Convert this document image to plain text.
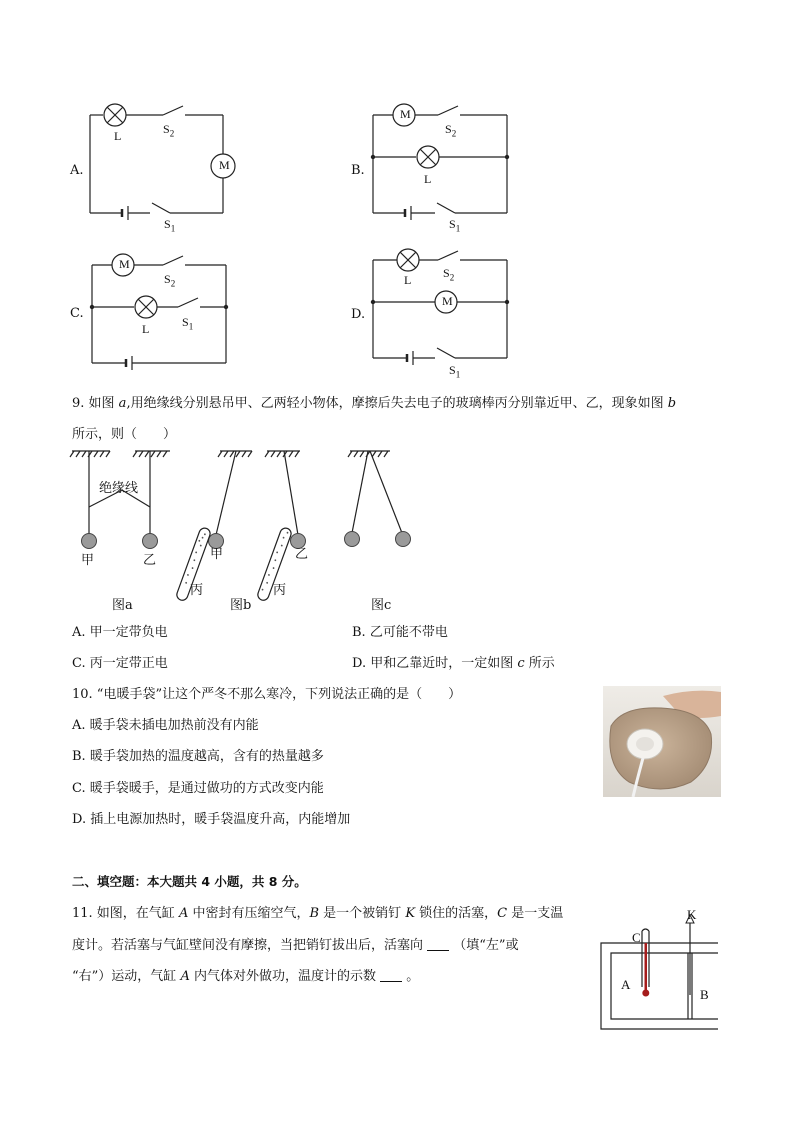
A.	M
L	$S_2$
$S_1$
B.
M
L
$S_2$
$S_1$
C.
M
L
$S_2$
$S_1$
D.
M
L	$S_2$
$S_1$
9. 如图 a,用绝缘线分别悬吊甲、乙两轻小物体，摩擦后失去电子的玻璃棒丙分别靠近甲、乙，现象如图 b
所示，则（　　）
绝缘线
甲	乙	甲	乙
丙	丙
图a	图b	图c
A. 甲一定带负电	B. 乙可能不带电
C. 丙一定带正电	D. 甲和乙靠近时，一定如图 c 所示
10. “电暖手袋”让这个严冬不那么寒冷，下列说法正确的是（　　）
A. 暖手袋未插电加热前没有内能
B. 暖手袋加热的温度越高，含有的热量越多
C. 暖手袋暖手，是通过做功的方式改变内能
D. 插上电源加热时，暖手袋温度升高，内能增加
二、填空题：本大题共 4 小题，共 8 分。
11. 如图，在气缸 A 中密封有压缩空气，B 是一个被销钉 K 锁住的活塞，C 是一支温
度计。若活塞与气缸壁间没有摩擦，当把销钉拔出后，活塞向  （填“左”或
“右”）运动，气缸 A 内气体对外做功，温度计的示数  。
K
C
A
B
